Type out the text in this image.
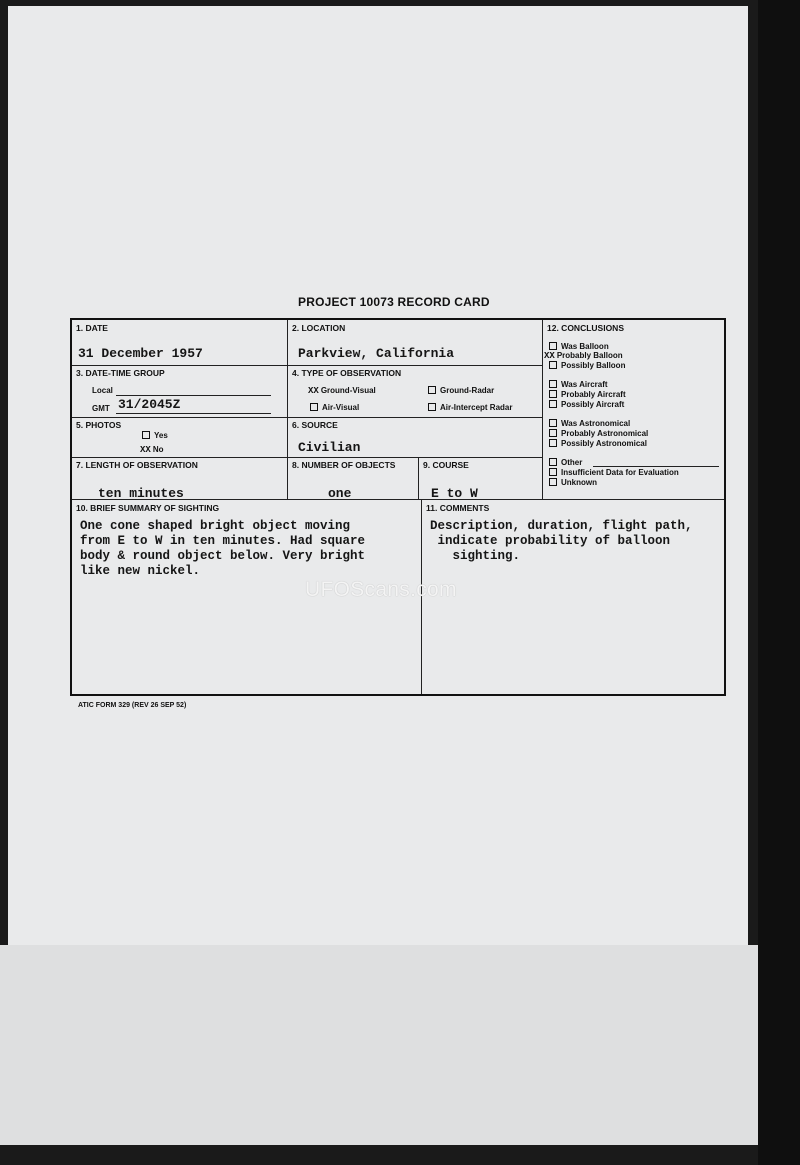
PROJECT 10073 RECORD CARD
1. DATE
31 December 1957
2. LOCATION
Parkview, California
3. DATE-TIME GROUP
Local
GMT 31/2045Z
4. TYPE OF OBSERVATION
XX Ground-Visual	Ground-Radar
Air-Visual	Air-Intercept Radar
5. PHOTOS
Yes
XX No
6. SOURCE
Civilian
7. LENGTH OF OBSERVATION
ten minutes
8. NUMBER OF OBJECTS
one
9. COURSE
E to W
12. CONCLUSIONS
Was Balloon
XX Probably Balloon
Possibly Balloon
Was Aircraft
Probably Aircraft
Possibly Aircraft
Was Astronomical
Probably Astronomical
Possibly Astronomical
Other
Insufficient Data for Evaluation
Unknown
10. BRIEF SUMMARY OF SIGHTING
One cone shaped bright object moving
from E to W in ten minutes. Had square
body & round object below. Very bright
like new nickel.
11. COMMENTS
Description, duration, flight path,
indicate probability of balloon
sighting.
UFOScans.com
ATIC FORM 329 (REV 26 SEP 52)
